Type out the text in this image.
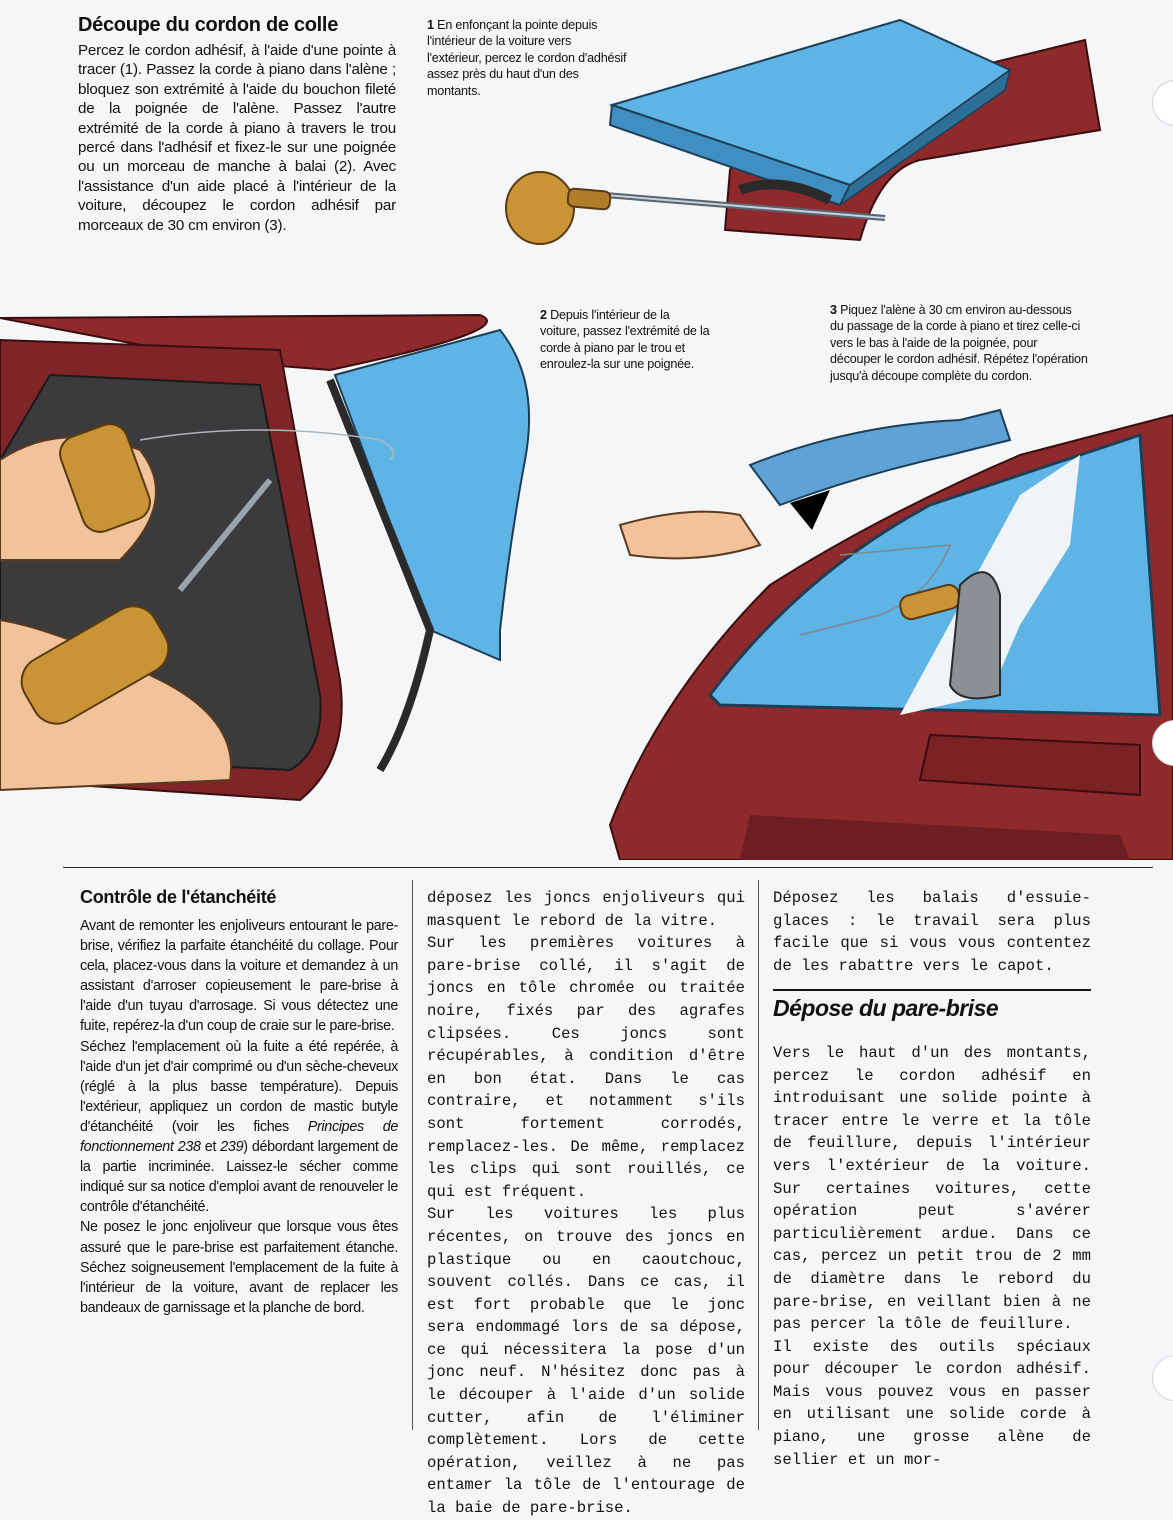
Découpe du cordon de colle

Percez le cordon adhésif, à l'aide d'une pointe à tracer (1). Passez la corde à piano dans l'alène ; bloquez son extrémité à l'aide du bouchon fileté de la poignée de l'alène. Passez l'autre extrémité de la corde à piano à travers le trou percé dans l'adhésif et fixez-le sur une poignée ou un morceau de manche à balai (2). Avec l'assistance d'un aide placé à l'intérieur de la voiture, découpez le cordon adhésif par morceaux de 30 cm environ (3).

1 En enfonçant la pointe depuis l'intérieur de la voiture vers l'extérieur, percez le cordon d'adhésif assez près du haut d'un des montants.
2 Depuis l'intérieur de la voiture, passez l'extrémité de la corde à piano par le trou et enroulez-la sur une poignée.
3 Piquez l'alène à 30 cm environ au-dessous du passage de la corde à piano et tirez celle-ci vers le bas à l'aide de la poignée, pour découper le cordon adhésif. Répétez l'opération jusqu'à découpe complète du cordon.
Contrôle de l'étanchéité

Avant de remonter les enjoliveurs entourant le pare-brise, vérifiez la parfaite étanchéité du collage. Pour cela, placez-vous dans la voiture et demandez à un assistant d'arroser copieusement le pare-brise à l'aide d'un tuyau d'arrosage. Si vous détectez une fuite, repérez-la d'un coup de craie sur le pare-brise.

Séchez l'emplacement où la fuite a été repérée, à l'aide d'un jet d'air comprimé ou d'un sèche-cheveux (réglé à la plus basse température). Depuis l'extérieur, appliquez un cordon de mastic butyle d'étanchéité (voir les fiches Principes de fonctionnement 238 et 239) débordant largement de la partie incriminée. Laissez-le sécher comme indiqué sur sa notice d'emploi avant de renouveler le contrôle d'étanchéité.

Ne posez le jonc enjoliveur que lorsque vous êtes assuré que le pare-brise est parfaitement étanche. Séchez soigneusement l'emplacement de la fuite à l'intérieur de la voiture, avant de replacer les bandeaux de garnissage et la planche de bord.

déposez les joncs enjoliveurs qui masquent le rebord de la vitre.

Sur les premières voitures à pare-brise collé, il s'agit de joncs en tôle chromée ou traitée noire, fixés par des agrafes clipsées. Ces joncs sont récupérables, à condition d'être en bon état. Dans le cas contraire, et notamment s'ils sont fortement corrodés, remplacez-les. De même, remplacez les clips qui sont rouillés, ce qui est fréquent.

Sur les voitures les plus récentes, on trouve des joncs en plastique ou en caoutchouc, souvent collés. Dans ce cas, il est fort probable que le jonc sera endommagé lors de sa dépose, ce qui nécessitera la pose d'un jonc neuf. N'hésitez donc pas à le découper à l'aide d'un solide cutter, afin de l'éliminer complètement. Lors de cette opération, veillez à ne pas entamer la tôle de l'entourage de la baie de pare-brise.

Déposez les balais d'essuie-glaces : le travail sera plus facile que si vous vous contentez de les rabattre vers le capot.

Dépose du pare-brise

Vers le haut d'un des montants, percez le cordon adhésif en introduisant une solide pointe à tracer entre le verre et la tôle de feuillure, depuis l'intérieur vers l'extérieur de la voiture. Sur certaines voitures, cette opération peut s'avérer particulièrement ardue. Dans ce cas, percez un petit trou de 2 mm de diamètre dans le rebord du pare-brise, en veillant bien à ne pas percer la tôle de feuillure.

Il existe des outils spéciaux pour découper le cordon adhésif. Mais vous pouvez vous en passer en utilisant une solide corde à piano, une grosse alène de sellier et un mor-
